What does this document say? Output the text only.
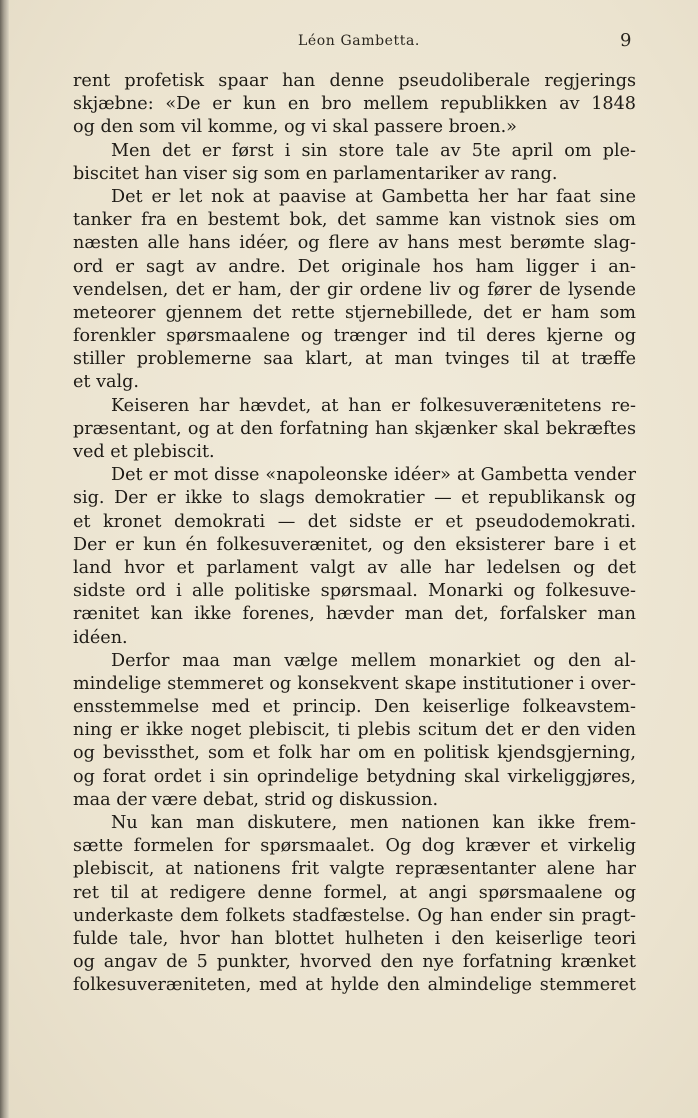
Léon Gambetta.	9
rent profetisk spaar han denne pseudoliberale regjerings
skjæbne: «De er kun en bro mellem republikken av 1848
og den som vil komme, og vi skal passere broen.»
Men det er først i sin store tale av 5te april om ple-
biscitet han viser sig som en parlamentariker av rang.
Det er let nok at paavise at Gambetta her har faat sine
tanker fra en bestemt bok, det samme kan vistnok sies om
næsten alle hans idéer, og flere av hans mest berømte slag-
ord er sagt av andre. Det originale hos ham ligger i an-
vendelsen, det er ham, der gir ordene liv og fører de lysende
meteorer gjennem det rette stjernebillede, det er ham som
forenkler spørsmaalene og trænger ind til deres kjerne og
stiller problemerne saa klart, at man tvinges til at træffe
et valg.
Keiseren har hævdet, at han er folkesuverænitetens re-
præsentant, og at den forfatning han skjænker skal bekræftes
ved et plebiscit.
Det er mot disse «napoleonske idéer» at Gambetta vender
sig. Der er ikke to slags demokratier — et republikansk og
et kronet demokrati — det sidste er et pseudodemokrati.
Der er kun én folkesuverænitet, og den eksisterer bare i et
land hvor et parlament valgt av alle har ledelsen og det
sidste ord i alle politiske spørsmaal. Monarki og folkesuve-
rænitet kan ikke forenes, hævder man det, forfalsker man
idéen.
Derfor maa man vælge mellem monarkiet og den al-
mindelige stemmeret og konsekvent skape institutioner i over-
ensstemmelse med et princip. Den keiserlige folkeavstem-
ning er ikke noget plebiscit, ti plebis scitum det er den viden
og bevissthet, som et folk har om en politisk kjendsgjerning,
og forat ordet i sin oprindelige betydning skal virkeliggjøres,
maa der være debat, strid og diskussion.
Nu kan man diskutere, men nationen kan ikke frem-
sætte formelen for spørsmaalet. Og dog kræver et virkelig
plebiscit, at nationens frit valgte repræsentanter alene har
ret til at redigere denne formel, at angi spørsmaalene og
underkaste dem folkets stadfæstelse. Og han ender sin pragt-
fulde tale, hvor han blottet hulheten i den keiserlige teori
og angav de 5 punkter, hvorved den nye forfatning krænket
folkesuveræniteten, med at hylde den almindelige stemmeret
